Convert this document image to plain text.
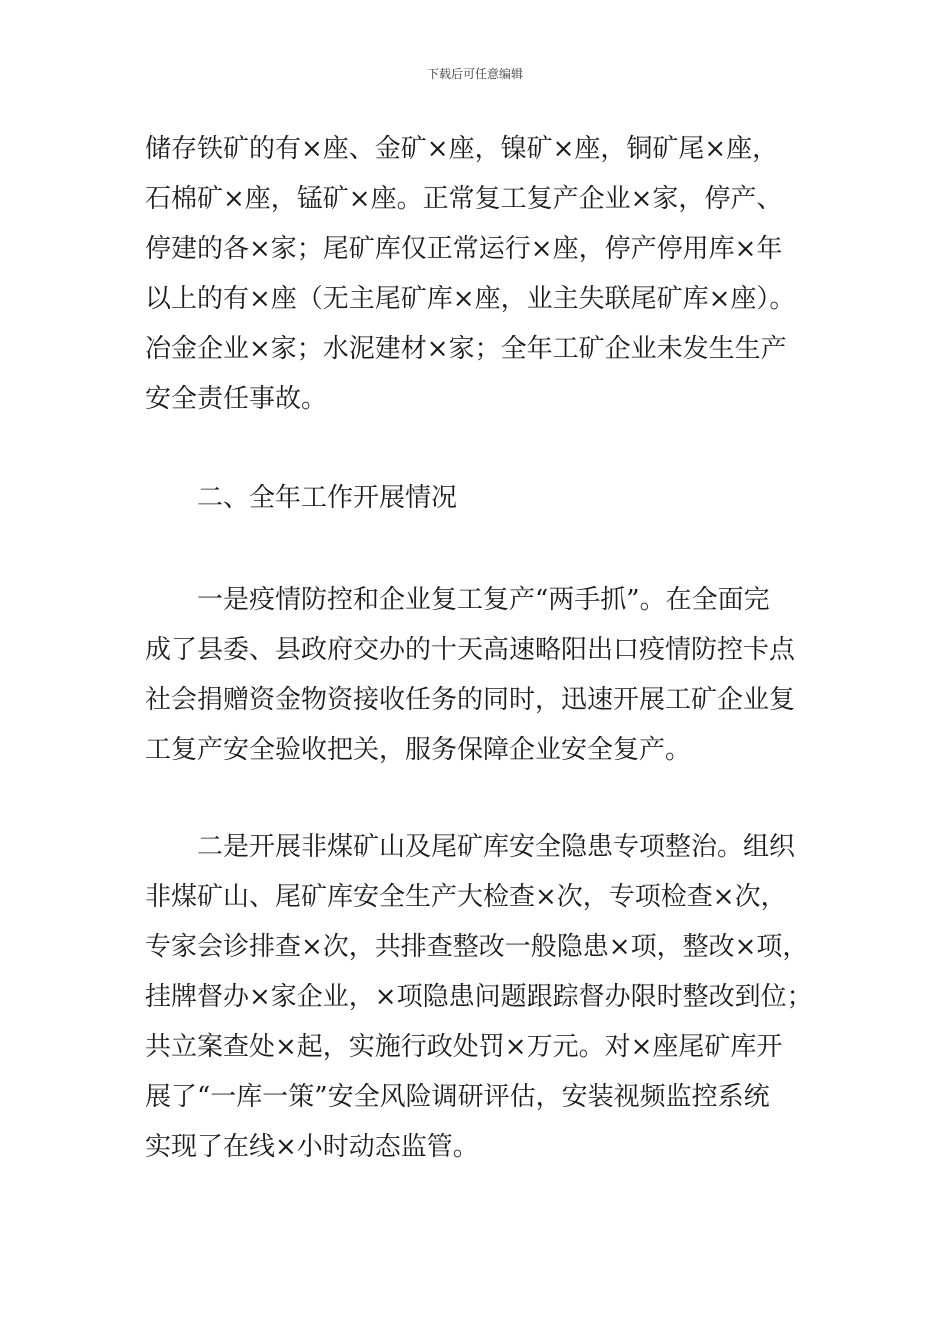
下载后可任意编辑
储存铁矿的有×座、金矿×座，镍矿×座，铜矿尾×座，
石棉矿×座，锰矿×座。正常复工复产企业×家，停产、
停建的各×家；尾矿库仅正常运行×座，停产停用库×年
以上的有×座（无主尾矿库×座，业主失联尾矿库×座）。
冶金企业×家；水泥建材×家；全年工矿企业未发生生产
安全责任事故。
二、全年工作开展情况
一是疫情防控和企业复工复产“两手抓”。在全面完
成了县委、县政府交办的十天高速略阳出口疫情防控卡点
社会捐赠资金物资接收任务的同时，迅速开展工矿企业复
工复产安全验收把关，服务保障企业安全复产。
二是开展非煤矿山及尾矿库安全隐患专项整治。组织
非煤矿山、尾矿库安全生产大检查×次，专项检查×次，
专家会诊排查×次，共排查整改一般隐患×项，整改×项，
挂牌督办×家企业，×项隐患问题跟踪督办限时整改到位；
共立案查处×起，实施行政处罚×万元。对×座尾矿库开
展了“一库一策”安全风险调研评估，安装视频监控系统
实现了在线×小时动态监管。
